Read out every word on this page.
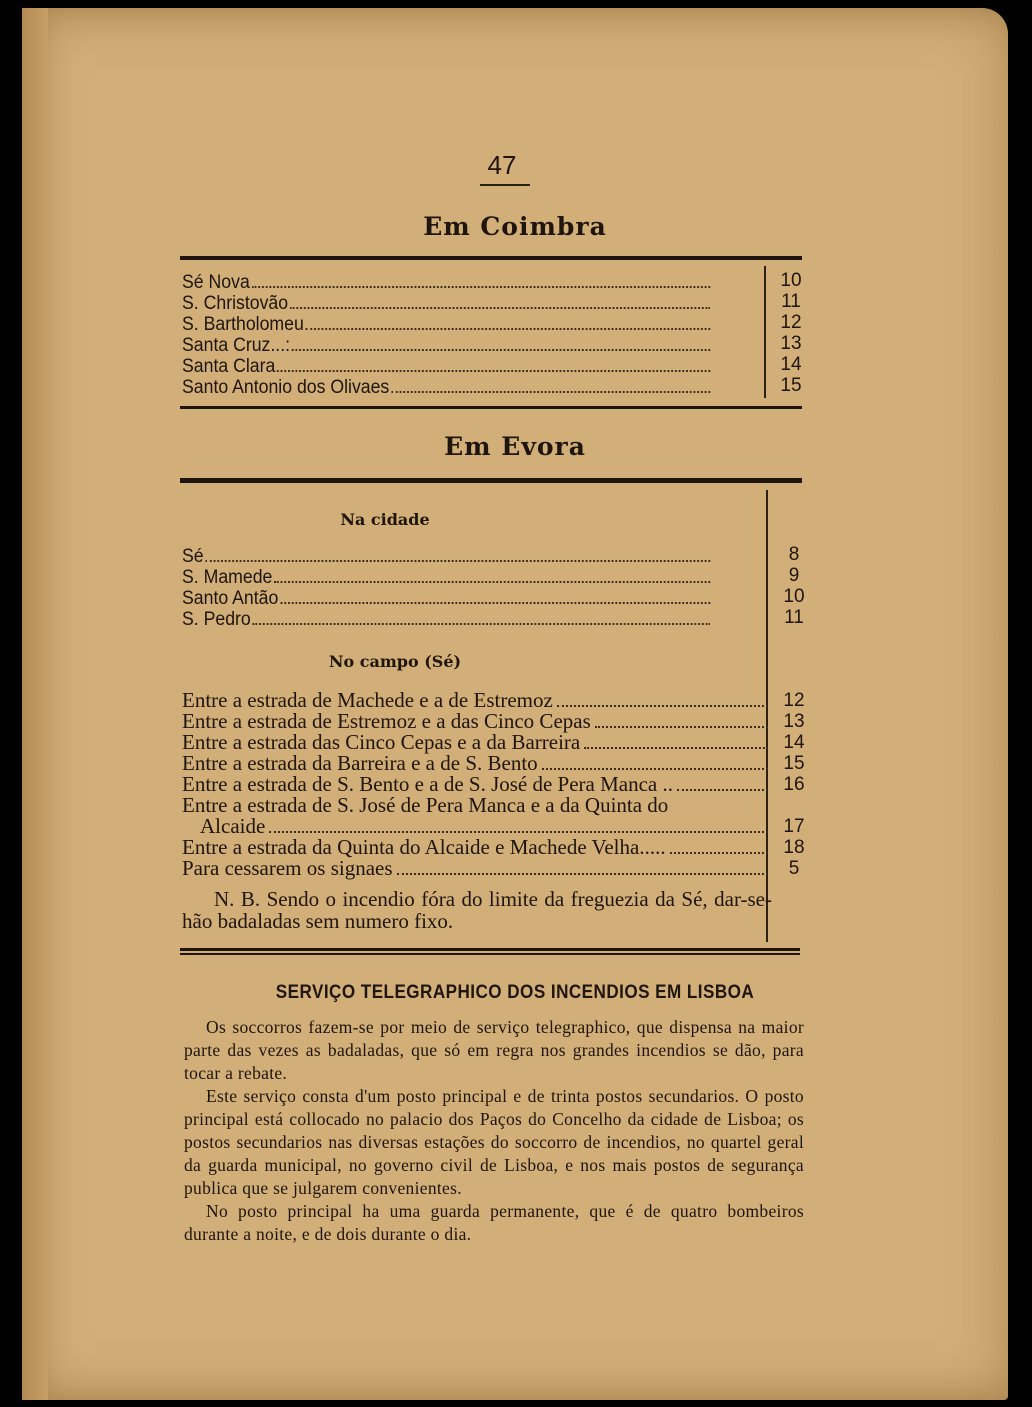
47
Em Coimbra
Sé Nova
S. Christovão
S. Bartholomeu
Santa Cruz...:
Santa Clara
Santo Antonio dos Olivaes
10
11
12
13
14
15
Em Evora
Na cidade
Sé
S. Mamede
Santo Antão
S. Pedro
8
9
10
11
No campo (Sé)
Entre a estrada de Machede e a de Estremoz
Entre a estrada de Estremoz e a das Cinco Cepas
Entre a estrada das Cinco Cepas e a da Barreira
Entre a estrada da Barreira e a de S. Bento
Entre a estrada de S. Bento e a de S. José de Pera Manca ..
Entre a estrada de S. José de Pera Manca e a da Quinta do
Alcaide
Entre a estrada da Quinta do Alcaide e Machede Velha.....
Para cessarem os signaes
12
13
14
15
16
17
18
5
N. B. Sendo o incendio fóra do limite da freguezia da Sé, dar-se-hão badaladas sem numero fixo.
SERVIÇO TELEGRAPHICO DOS INCENDIOS EM LISBOA

Os soccorros fazem-se por meio de serviço telegraphico, que dispensa na maior parte das vezes as badaladas, que só em regra nos grandes incendios se dão, para tocar a rebate.

Este serviço consta d'um posto principal e de trinta postos secundarios. O posto principal está collocado no palacio dos Paços do Concelho da cidade de Lisboa; os postos secundarios nas diversas estações do soccorro de incendios, no quartel geral da guarda municipal, no governo civil de Lisboa, e nos mais postos de segurança publica que se julgarem convenientes.

No posto principal ha uma guarda permanente, que é de quatro bombeiros durante a noite, e de dois durante o dia.
